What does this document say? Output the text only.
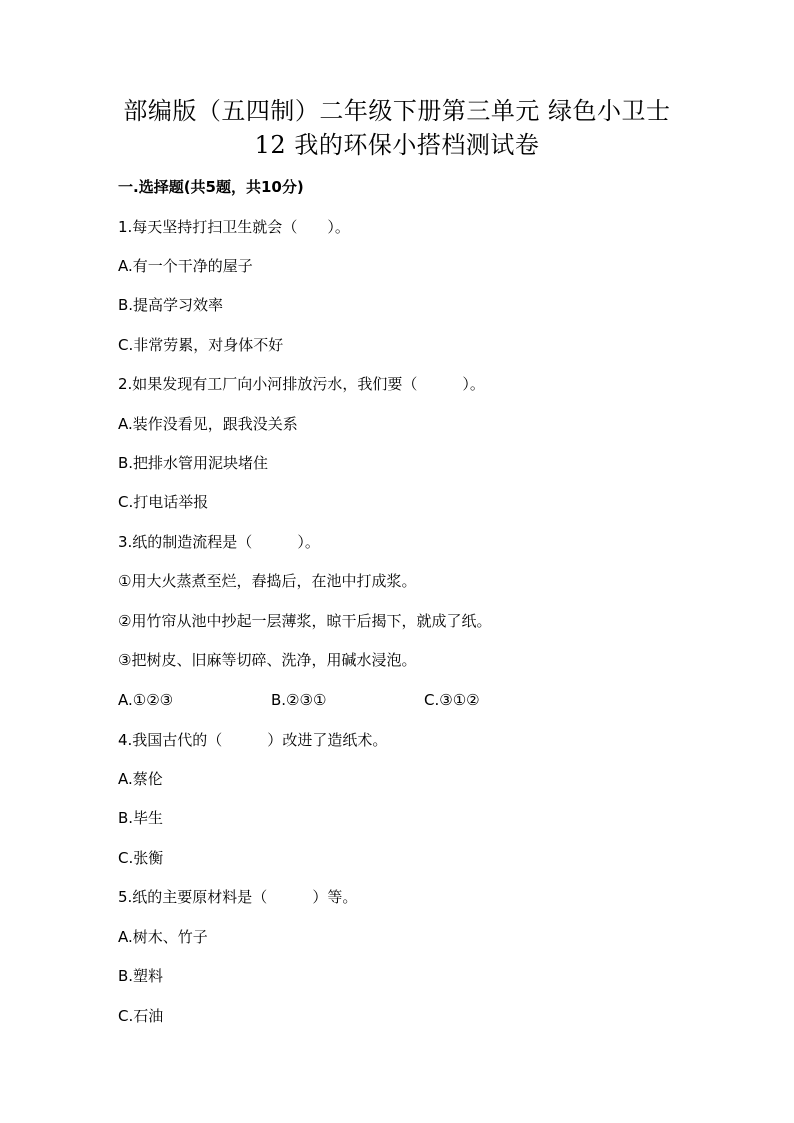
部编版（五四制）二年级下册第三单元 绿色小卫士
12 我的环保小搭档测试卷
一.选择题(共5题，共10分)
1.每天坚持打扫卫生就会（　　）。
A.有一个干净的屋子
B.提高学习效率
C.非常劳累，对身体不好
2.如果发现有工厂向小河排放污水，我们要（　　　）。
A.装作没看见，跟我没关系
B.把排水管用泥块堵住
C.打电话举报
3.纸的制造流程是（　　　）。
①用大火蒸煮至烂，舂捣后，在池中打成浆。
②用竹帘从池中抄起一层薄浆，晾干后揭下，就成了纸。
③把树皮、旧麻等切碎、洗净，用碱水浸泡。
A.①②③	B.②③①	C.③①②
4.我国古代的（　　　）改进了造纸术。
A.蔡伦
B.毕生
C.张衡
5.纸的主要原材料是（　　　）等。
A.树木、竹子
B.塑料
C.石油
